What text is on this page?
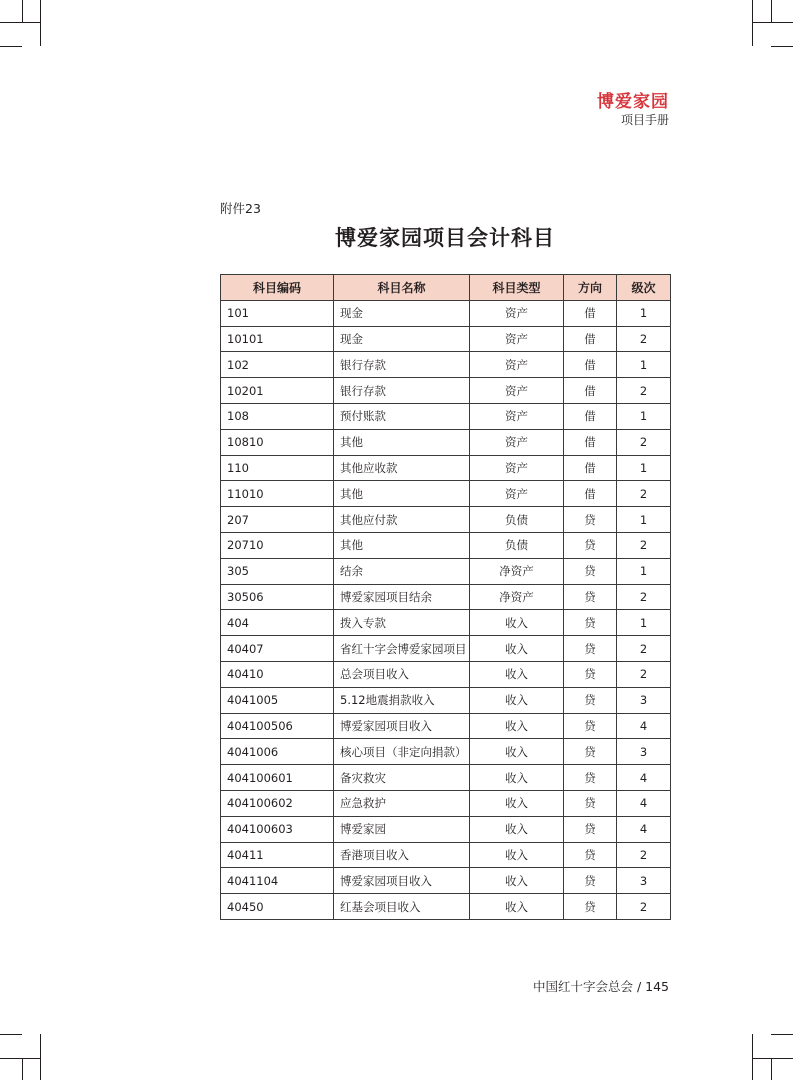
博爱家园
项目手册
附件23
博爱家园项目会计科目
科目编码	科目名称	科目类型	方向	级次
101	现金	资产	借	1
10101	现金	资产	借	2
102	银行存款	资产	借	1
10201	银行存款	资产	借	2
108	预付账款	资产	借	1
10810	其他	资产	借	2
110	其他应收款	资产	借	1
11010	其他	资产	借	2
207	其他应付款	负债	贷	1
20710	其他	负债	贷	2
305	结余	净资产	贷	1
30506	博爱家园项目结余	净资产	贷	2
404	拨入专款	收入	贷	1
40407	省红十字会博爱家园项目	收入	贷	2
40410	总会项目收入	收入	贷	2
4041005	5.12地震捐款收入	收入	贷	3
404100506	博爱家园项目收入	收入	贷	4
4041006	核心项目（非定向捐款）	收入	贷	3
404100601	备灾救灾	收入	贷	4
404100602	应急救护	收入	贷	4
404100603	博爱家园	收入	贷	4
40411	香港项目收入	收入	贷	2
4041104	博爱家园项目收入	收入	贷	3
40450	红基会项目收入	收入	贷	2
中国红十字会总会 / 145
